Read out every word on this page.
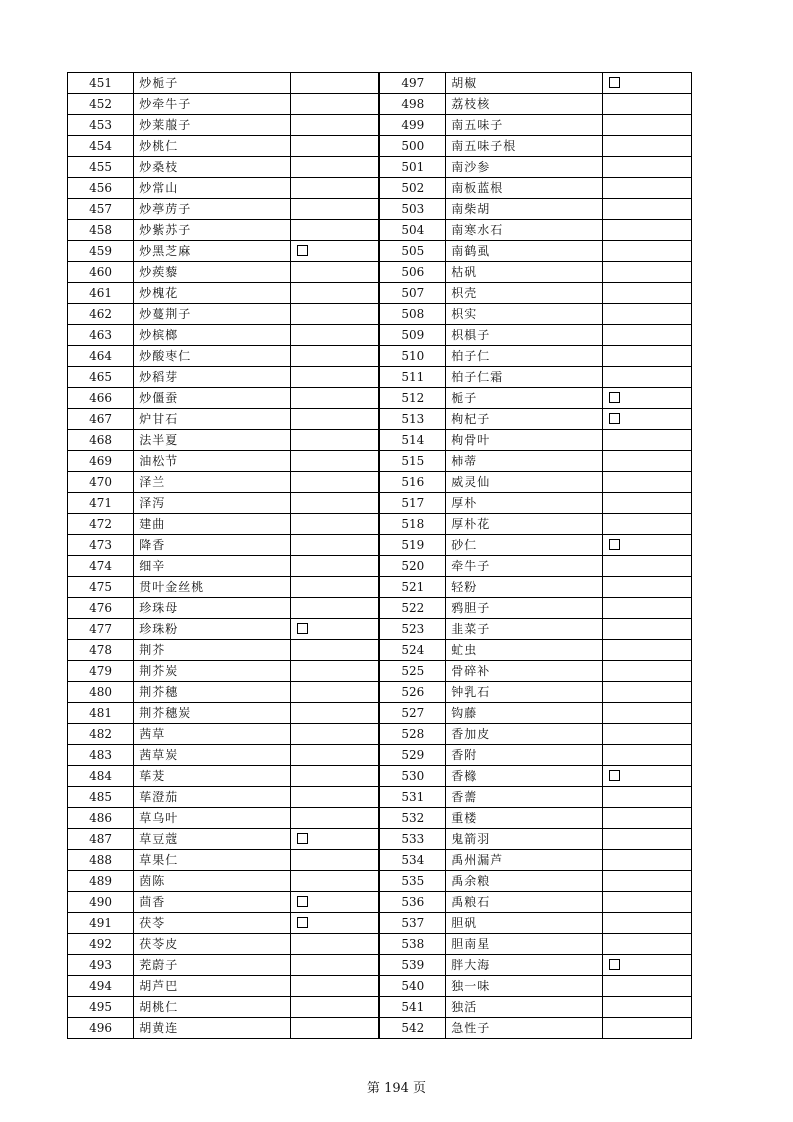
451	炒栀子		497	胡椒	
452	炒牵牛子		498	荔枝核	
453	炒莱菔子		499	南五味子	
454	炒桃仁		500	南五味子根	
455	炒桑枝		501	南沙参	
456	炒常山		502	南板蓝根	
457	炒葶苈子		503	南柴胡	
458	炒紫苏子		504	南寒水石	
459	炒黑芝麻		505	南鹤虱	
460	炒蒺藜		506	枯矾	
461	炒槐花		507	枳壳	
462	炒蔓荆子		508	枳实	
463	炒槟榔		509	枳椇子	
464	炒酸枣仁		510	柏子仁	
465	炒稻芽		511	柏子仁霜	
466	炒僵蚕		512	栀子	
467	炉甘石		513	枸杞子	
468	法半夏		514	枸骨叶	
469	油松节		515	柿蒂	
470	泽兰		516	威灵仙	
471	泽泻		517	厚朴	
472	建曲		518	厚朴花	
473	降香		519	砂仁	
474	细辛		520	牵牛子	
475	贯叶金丝桃		521	轻粉	
476	珍珠母		522	鸦胆子	
477	珍珠粉		523	韭菜子	
478	荆芥		524	虻虫	
479	荆芥炭		525	骨碎补	
480	荆芥穗		526	钟乳石	
481	荆芥穗炭		527	钩藤	
482	茜草		528	香加皮	
483	茜草炭		529	香附	
484	荜茇		530	香橼	
485	荜澄茄		531	香薷	
486	草乌叶		532	重楼	
487	草豆蔻		533	鬼箭羽	
488	草果仁		534	禹州漏芦	
489	茵陈		535	禹余粮	
490	茴香		536	禹粮石	
491	茯苓		537	胆矾	
492	茯苓皮		538	胆南星	
493	茺蔚子		539	胖大海	
494	胡芦巴		540	独一味	
495	胡桃仁		541	独活	
496	胡黄连		542	急性子	
第 194 页
